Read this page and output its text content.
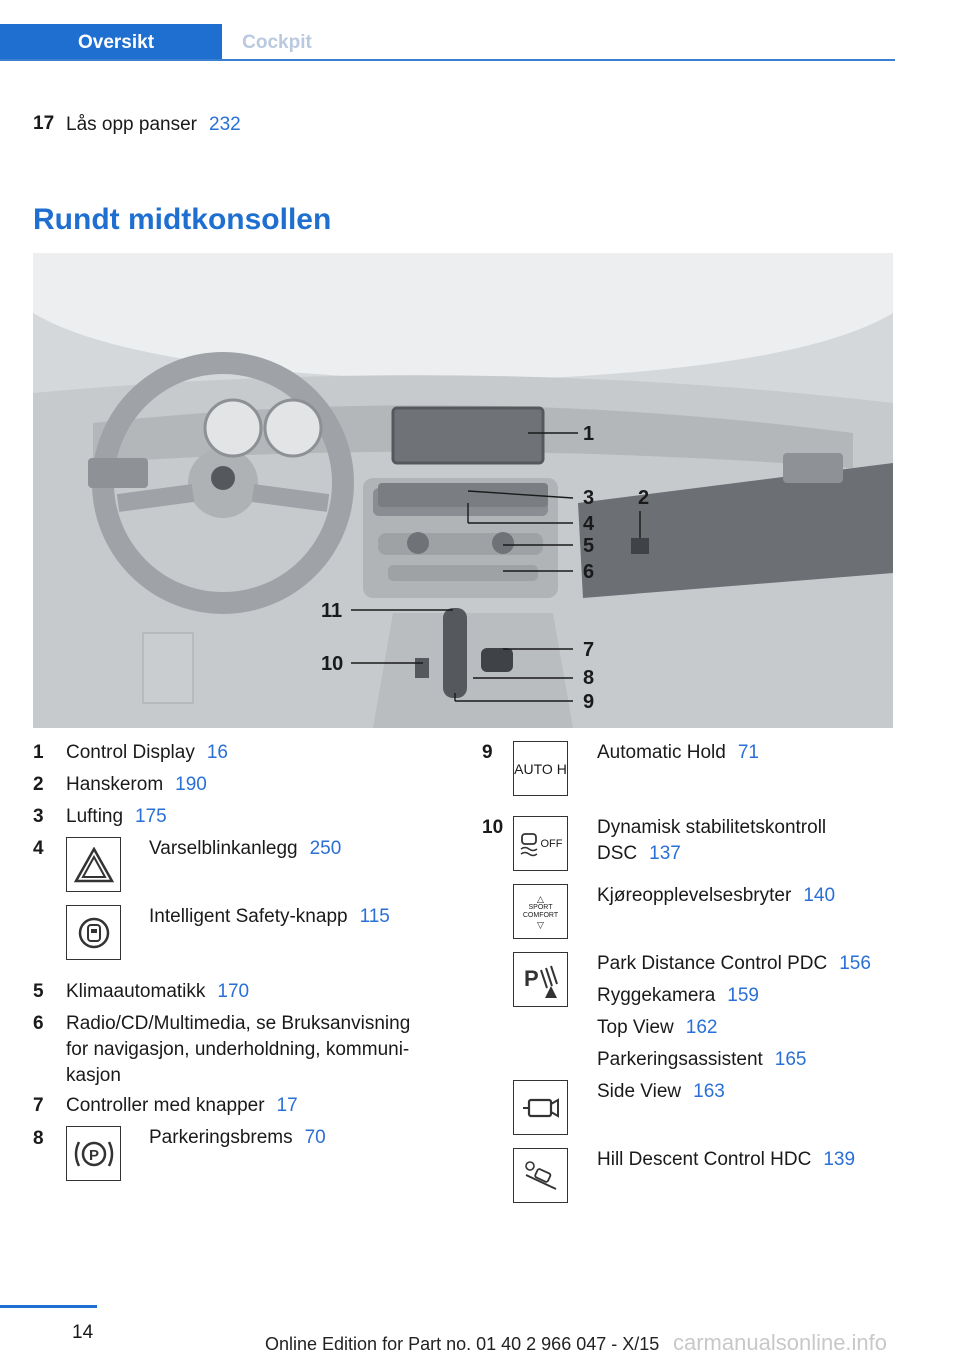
Oversikt	Cockpit
17 Lås opp panser 232
Rundt midtkonsollen
1
2
3
4
5
6
7
8
9
10
11
1 Control Display 16
2 Hanskerom 190
3 Lufting 175
4	Varselblinkanlegg 250
Intelligent Safety-knapp 115
5 Klimaautomatikk 170
6 Radio/CD/Multimedia, se Bruksanvisning
for navigasjon, underholdning, kommuni‐
kasjon
7 Controller med knapper 17
8
P
Parkeringsbrems 70
9
AUTO H
Automatic Hold 71
10
OFF
Dynamisk stabilitetskontroll
DSC 137
△
SPORT
COMFORT
▽
Kjøreopplevelsesbryter 140
P
Park Distance Control PDC 156
Ryggekamera 159
Top View 162
Parkeringsassistent 165
Side View 163
Hill Descent Control HDC 139
14
Online Edition for Part no. 01 40 2 966 047 - X/15 carmanualsonline.info
